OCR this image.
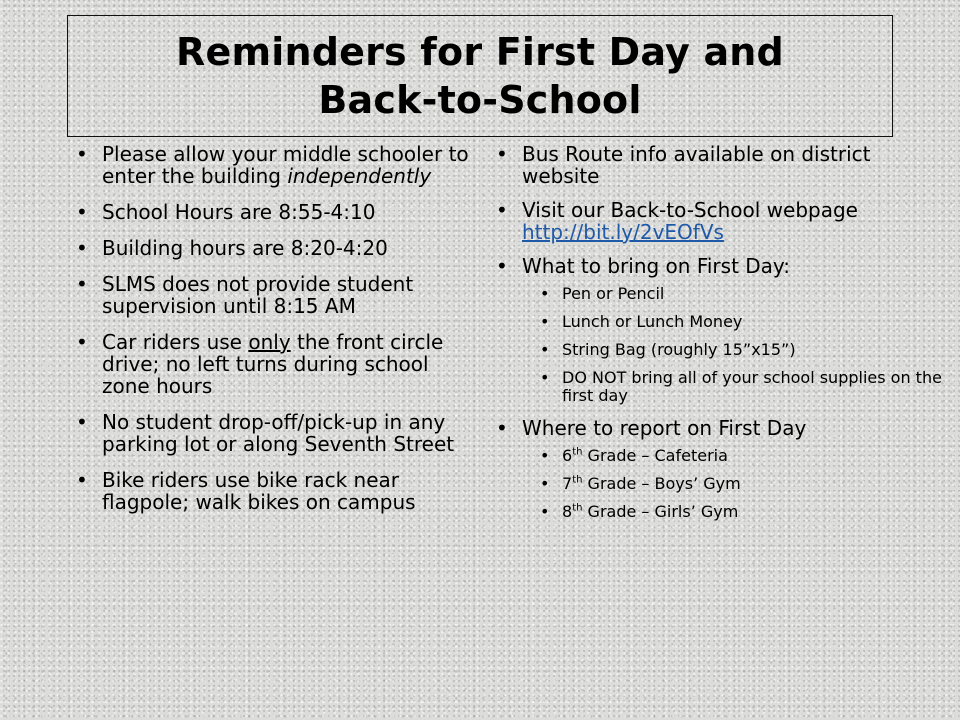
Reminders for First Day and
Back-to-School
• Please allow your middle schooler to enter the building independently
• School Hours are 8:55-4:10
• Building hours are 8:20-4:20
• SLMS does not provide student supervision until 8:15 AM
• Car riders use only the front circle drive; no left turns during school zone hours
• No student drop-off/pick-up in any parking lot or along Seventh Street
• Bike riders use bike rack near flagpole; walk bikes on campus
• Bus Route info available on district website
• Visit our Back-to-School webpage
http://bit.ly/2vEOfVs
• What to bring on First Day:
• Pen or Pencil
• Lunch or Lunch Money
• String Bag (roughly 15”x15”)
• DO NOT bring all of your school supplies on the first day
• Where to report on First Day
• 6th Grade – Cafeteria
• 7th Grade – Boys’ Gym
• 8th Grade – Girls’ Gym
